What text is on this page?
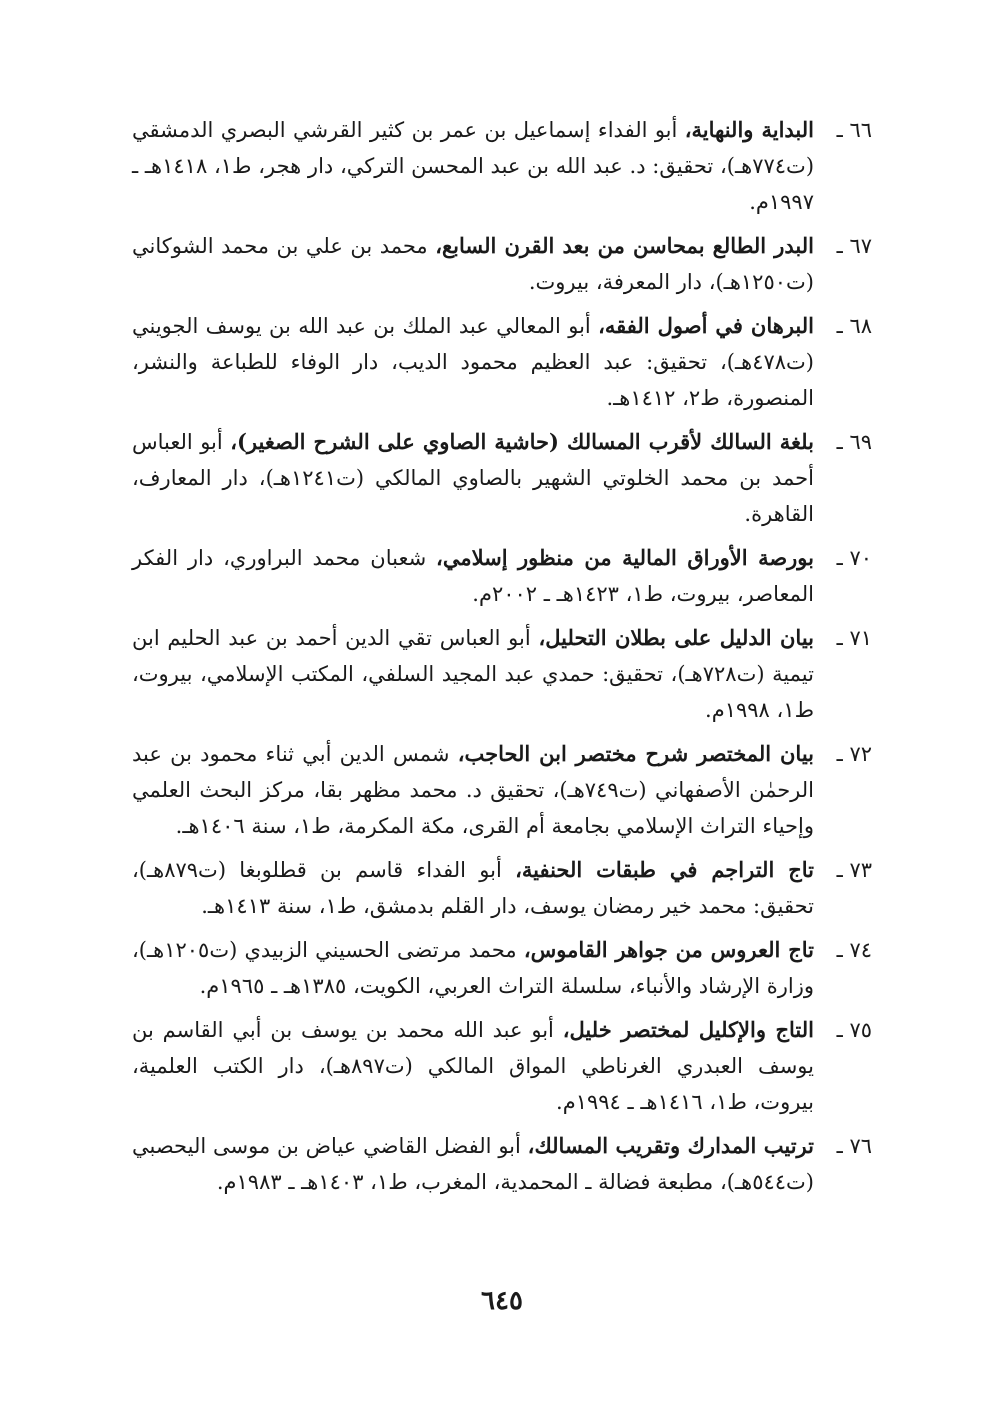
٦٦ ـ
البداية والنهاية، أبو الفداء إسماعيل بن عمر بن كثير القرشي البصري الدمشقي (ت٧٧٤هـ)، تحقيق: د. عبد الله بن عبد المحسن التركي، دار هجر، ط١، ١٤١٨هـ ـ ١٩٩٧م.
٦٧ ـ
البدر الطالع بمحاسن من بعد القرن السابع، محمد بن علي بن محمد الشوكاني (ت١٢٥٠هـ)، دار المعرفة، بيروت.
٦٨ ـ
البرهان في أصول الفقه، أبو المعالي عبد الملك بن عبد الله بن يوسف الجويني (ت٤٧٨هـ)، تحقيق: عبد العظيم محمود الديب، دار الوفاء للطباعة والنشر، المنصورة، ط٢، ١٤١٢هـ.
٦٩ ـ
بلغة السالك لأقرب المسالك (حاشية الصاوي على الشرح الصغير)، أبو العباس أحمد بن محمد الخلوتي الشهير بالصاوي المالكي (ت١٢٤١هـ)، دار المعارف، القاهرة.
٧٠ ـ
بورصة الأوراق المالية من منظور إسلامي، شعبان محمد البراوري، دار الفكر المعاصر، بيروت، ط١، ١٤٢٣هـ ـ ٢٠٠٢م.
٧١ ـ
بيان الدليل على بطلان التحليل، أبو العباس تقي الدين أحمد بن عبد الحليم ابن تيمية (ت٧٢٨هـ)، تحقيق: حمدي عبد المجيد السلفي، المكتب الإسلامي، بيروت، ط١، ١٩٩٨م.
٧٢ ـ
بيان المختصر شرح مختصر ابن الحاجب، شمس الدين أبي ثناء محمود بن عبد الرحمٰن الأصفهاني (ت٧٤٩هـ)، تحقيق د. محمد مظهر بقا، مركز البحث العلمي وإحياء التراث الإسلامي بجامعة أم القرى، مكة المكرمة، ط١، سنة ١٤٠٦هـ.
٧٣ ـ
تاج التراجم في طبقات الحنفية، أبو الفداء قاسم بن قطلوبغا (ت٨٧٩هـ)، تحقيق: محمد خير رمضان يوسف، دار القلم بدمشق، ط١، سنة ١٤١٣هـ.
٧٤ ـ
تاج العروس من جواهر القاموس، محمد مرتضى الحسيني الزبيدي (ت١٢٠٥هـ)، وزارة الإرشاد والأنباء، سلسلة التراث العربي، الكويت، ١٣٨٥هـ ـ ١٩٦٥م.
٧٥ ـ
التاج والإكليل لمختصر خليل، أبو عبد الله محمد بن يوسف بن أبي القاسم بن يوسف العبدري الغرناطي المواق المالكي (ت٨٩٧هـ)، دار الكتب العلمية، بيروت، ط١، ١٤١٦هـ ـ ١٩٩٤م.
٧٦ ـ
ترتيب المدارك وتقريب المسالك، أبو الفضل القاضي عياض بن موسى اليحصبي (ت٥٤٤هـ)، مطبعة فضالة ـ المحمدية، المغرب، ط١، ١٤٠٣هـ ـ ١٩٨٣م.
٦٤٥
